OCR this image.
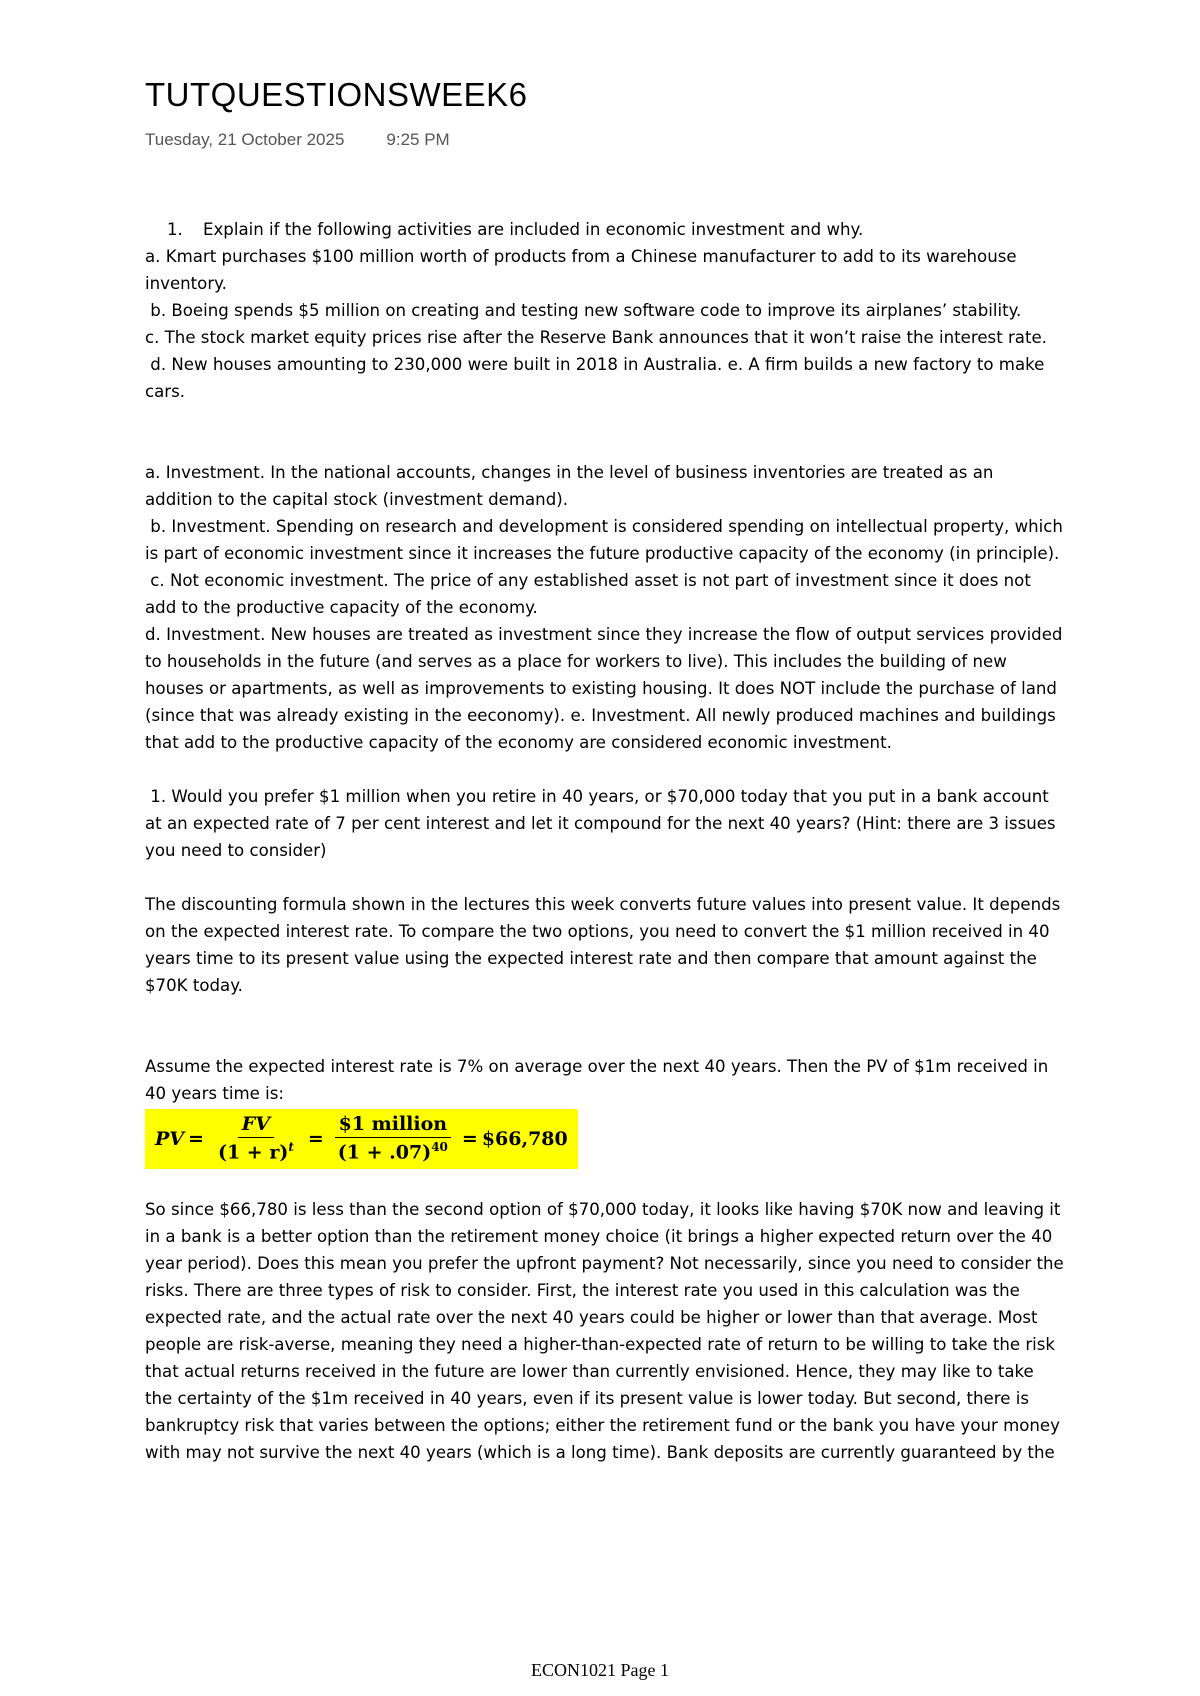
TUTQUESTIONSWEEK6
Tuesday, 21 October 2025 9:25 PM

1. Explain if the following activities are included in economic investment and why.

a. Kmart purchases $100 million worth of products from a Chinese manufacturer to add to its warehouse inventory.

b. Boeing spends $5 million on creating and testing new software code to improve its airplanes’ stability.

c. The stock market equity prices rise after the Reserve Bank announces that it won’t raise the interest rate.

d. New houses amounting to 230,000 were built in 2018 in Australia. e. A firm builds a new factory to make cars.

a. Investment. In the national accounts, changes in the level of business inventories are treated as an addition to the capital stock (investment demand).

b. Investment. Spending on research and development is considered spending on intellectual property, which is part of economic investment since it increases the future productive capacity of the economy (in principle).

c. Not economic investment. The price of any established asset is not part of investment since it does not add to the productive capacity of the economy.

d. Investment. New houses are treated as investment since they increase the flow of output services provided to households in the future (and serves as a place for workers to live). This includes the building of new houses or apartments, as well as improvements to existing housing. It does NOT include the purchase of land (since that was already existing in the eeconomy). e. Investment. All newly produced machines and buildings that add to the productive capacity of the economy are considered economic investment.

1. Would you prefer $1 million when you retire in 40 years, or $70,000 today that you put in a bank account at an expected rate of 7 per cent interest and let it compound for the next 40 years? (Hint: there are 3 issues you need to consider)

The discounting formula shown in the lectures this week converts future values into present value. It depends on the expected interest rate. To compare the two options, you need to convert the $1 million received in 40 years time to its present value using the expected interest rate and then compare that amount against the $70K today.

Assume the expected interest rate is 7% on average over the next 40 years. Then the PV of $1m received in 40 years time is:

PV = $\frac{FV}{(1 + r)^t} = \frac{\text{\$1 million}}{(1 + .07)^{40}}$ = $66,780

So since $66,780 is less than the second option of $70,000 today, it looks like having $70K now and leaving it in a bank is a better option than the retirement money choice (it brings a higher expected return over the 40 year period). Does this mean you prefer the upfront payment? Not necessarily, since you need to consider the risks. There are three types of risk to consider. First, the interest rate you used in this calculation was the expected rate, and the actual rate over the next 40 years could be higher or lower than that average. Most people are risk-averse, meaning they need a higher-than-expected rate of return to be willing to take the risk that actual returns received in the future are lower than currently envisioned. Hence, they may like to take the certainty of the $1m received in 40 years, even if its present value is lower today. But second, there is bankruptcy risk that varies between the options; either the retirement fund or the bank you have your money with may not survive the next 40 years (which is a long time). Bank deposits are currently guaranteed by the

ECON1021 Page 1
